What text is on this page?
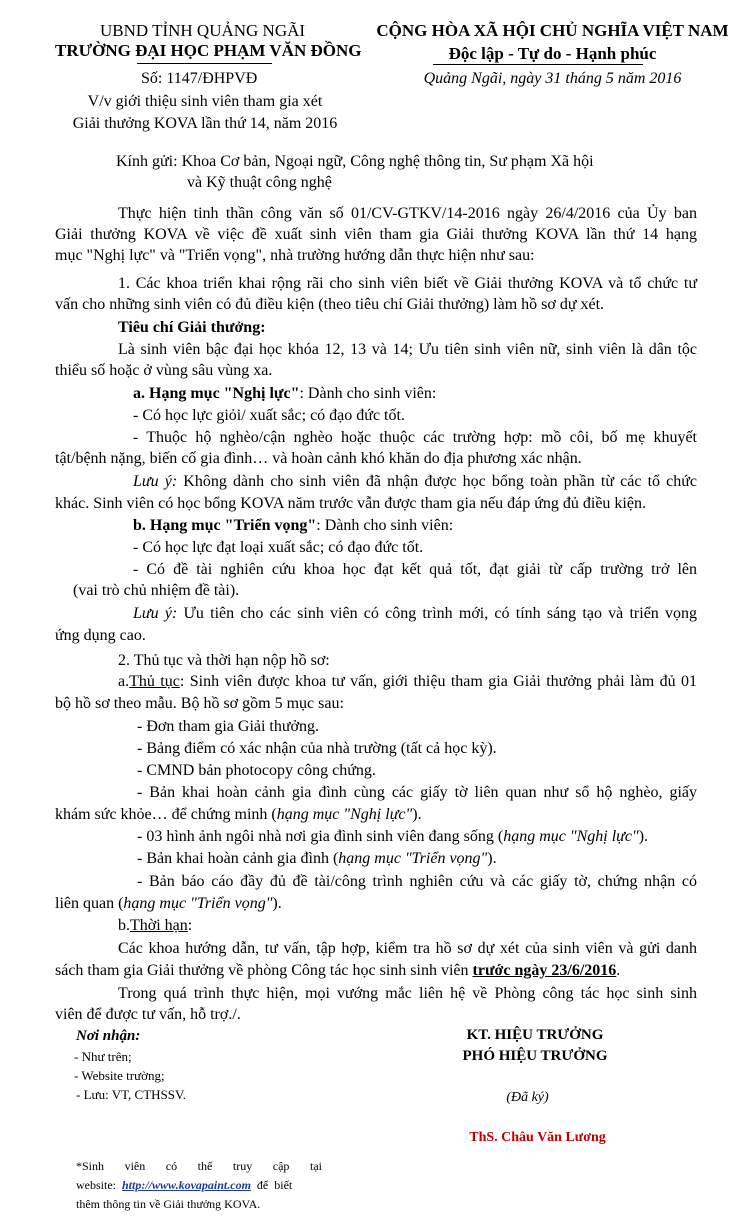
UBND TỈNH QUẢNG NGÃI
TRƯỜNG ĐẠI HỌC PHẠM VĂN ĐỒNG
Số: 1147/ĐHPVĐ
V/v giới thiệu sinh viên tham gia xét
Giải thưởng KOVA lần thứ 14, năm 2016
CỘNG HÒA XÃ HỘI CHỦ NGHĨA VIỆT NAM
Độc lập - Tự do - Hạnh phúc
Quảng Ngãi, ngày 31 tháng 5 năm 2016
Kính gửi: Khoa Cơ bản, Ngoại ngữ, Công nghệ thông tin, Sư phạm Xã hội
và Kỹ thuật công nghệ
Thực hiện tinh thần công văn số 01/CV-GTKV/14-2016 ngày 26/4/2016 của Ủy ban
Giải thưởng KOVA về việc đề xuất sinh viên tham gia Giải thưởng KOVA lần thứ 14 hạng
mục "Nghị lực" và "Triển vọng", nhà trường hướng dẫn thực hiện như sau:
1. Các khoa triển khai rộng rãi cho sinh viên biết về Giải thưởng KOVA và tổ chức tư
vấn cho những sinh viên có đủ điều kiện (theo tiêu chí Giải thưởng) làm hồ sơ dự xét.
Tiêu chí Giải thưởng:
Là sinh viên bậc đại học khóa 12, 13 và 14; Ưu tiên sinh viên nữ, sinh viên là dân tộc
thiểu số hoặc ở vùng sâu vùng xa.
a. Hạng mục "Nghị lực": Dành cho sinh viên:
- Có học lực giỏi/ xuất sắc; có đạo đức tốt.
- Thuộc hộ nghèo/cận nghèo hoặc thuộc các trường hợp: mồ côi, bố mẹ khuyết
tật/bệnh nặng, biến cố gia đình… và hoàn cảnh khó khăn do địa phương xác nhận.
Lưu ý: Không dành cho sinh viên đã nhận được học bổng toàn phần từ các tổ chức
khác. Sinh viên có học bổng KOVA năm trước vẫn được tham gia nếu đáp ứng đủ điều kiện.
b. Hạng mục "Triển vọng": Dành cho sinh viên:
- Có học lực đạt loại xuất sắc; có đạo đức tốt.
- Có đề tài nghiên cứu khoa học đạt kết quả tốt, đạt giải từ cấp trường trở lên
(vai trò chủ nhiệm đề tài).
Lưu ý: Ưu tiên cho các sinh viên có công trình mới, có tính sáng tạo và triển vọng
ứng dụng cao.
2. Thủ tục và thời hạn nộp hồ sơ:
a.Thủ tục: Sinh viên được khoa tư vấn, giới thiệu tham gia Giải thưởng phải làm đủ 01
bộ hồ sơ theo mẫu. Bộ hồ sơ gồm 5 mục sau:
- Đơn tham gia Giải thưởng.
- Bảng điểm có xác nhận của nhà trường (tất cả học kỳ).
- CMND bản photocopy công chứng.
- Bản khai hoàn cảnh gia đình cùng các giấy tờ liên quan như sổ hộ nghèo, giấy
khám sức khỏe… để chứng minh (hạng mục "Nghị lực").
- 03 hình ảnh ngôi nhà nơi gia đình sinh viên đang sống (hạng mục "Nghị lực").
- Bản khai hoàn cảnh gia đình (hạng mục "Triển vọng").
- Bản báo cáo đầy đủ đề tài/công trình nghiên cứu và các giấy tờ, chứng nhận có
liên quan (hạng mục "Triển vọng").
b.Thời hạn:
Các khoa hướng dẫn, tư vấn, tập hợp, kiểm tra hồ sơ dự xét của sinh viên và gửi danh
sách tham gia Giải thưởng về phòng Công tác học sinh sinh viên trước ngày 23/6/2016.
Trong quá trình thực hiện, mọi vướng mắc liên hệ về Phòng công tác học sinh sinh
viên để được tư vấn, hỗ trợ./.
Nơi nhận:
- Như trên;
- Website trường;
- Lưu: VT, CTHSSV.
KT. HIỆU TRƯỞNG
PHÓ HIỆU TRƯỞNG
(Đã ký)
ThS. Châu Văn Lương
*Sinh  viên  có  thể  truy  cập  tại
website:  http://www.kovapaint.com  để  biết
thêm thông tin về Giải thưởng KOVA.
